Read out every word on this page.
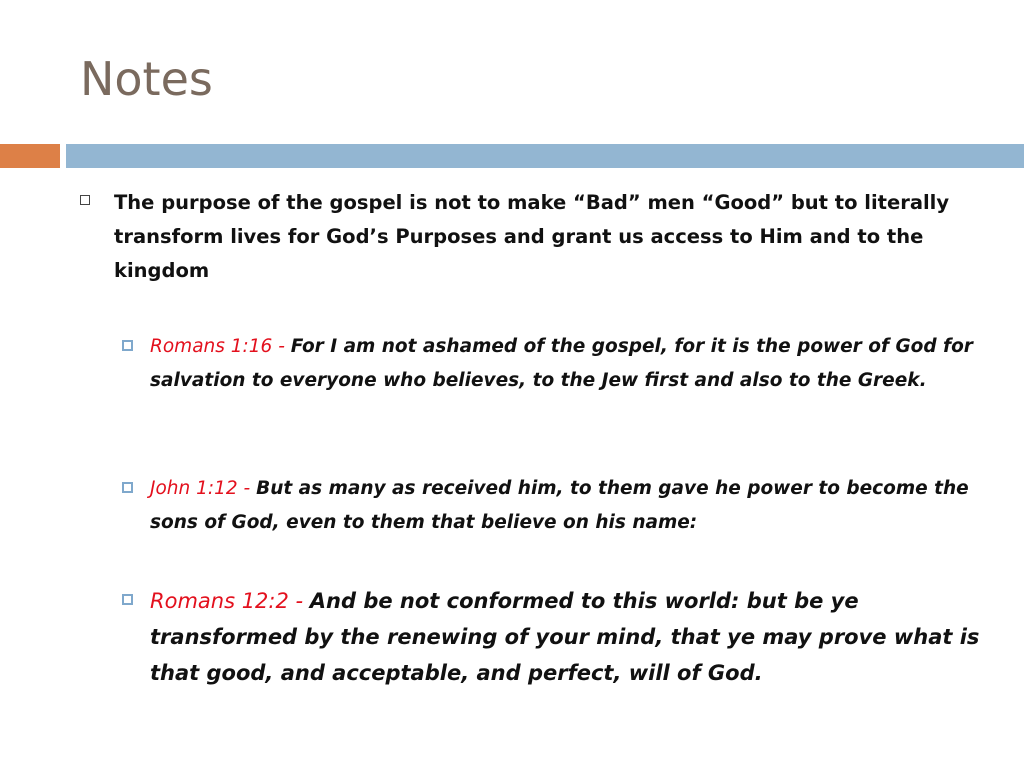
Notes
The purpose of the gospel is not to make “Bad” men “Good” but to literally transform lives for God’s Purposes and grant us access to Him and to the kingdom
Romans 1:16 - For I am not ashamed of the gospel, for it is the power of God for salvation to everyone who believes, to the Jew first and also to the Greek.
John 1:12 - But as many as received him, to them gave he power to become the sons of God, even to them that believe on his name:
Romans 12:2 - And be not conformed to this world: but be ye transformed by the renewing of your mind, that ye may prove what is that good, and acceptable, and perfect, will of God.
